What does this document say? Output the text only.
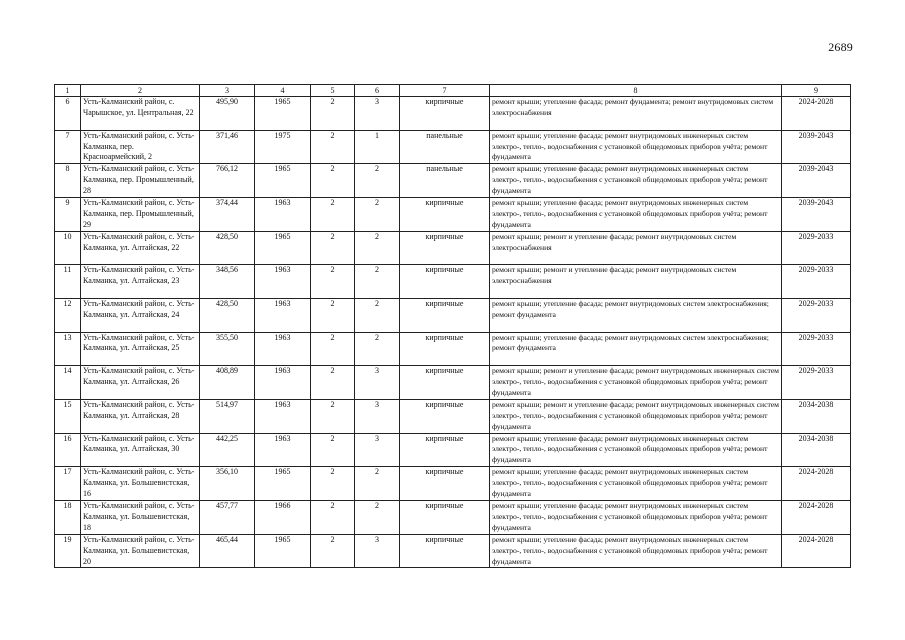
2689
1	2	3	4	5	6	7	8	9
6	Усть-Калманский район, с. Чарышское, ул. Центральная, 22	495,90	1965	2	3	кирпичные	ремонт крыши; утепление фасада; ремонт фундамента; ремонт внутридомовых систем электроснабжения	2024-2028
7	Усть-Калманский район, с. Усть-Калманка, пер. Красноармейский, 2	371,46	1975	2	1	панельные	ремонт крыши; утепление фасада; ремонт внутридомовых инженерных систем электро-, тепло-, водоснабжения с установкой общедомовых приборов учёта; ремонт фундамента	2039-2043
8	Усть-Калманский район, с. Усть-Калманка, пер. Промышленный, 28	766,12	1965	2	2	панельные	ремонт крыши; утепление фасада; ремонт внутридомовых инженерных систем электро-, тепло-, водоснабжения с установкой общедомовых приборов учёта; ремонт фундамента	2039-2043
9	Усть-Калманский район, с. Усть-Калманка, пер. Промышленный, 29	374,44	1963	2	2	кирпичные	ремонт крыши; утепление фасада; ремонт внутридомовых инженерных систем электро-, тепло-, водоснабжения с установкой общедомовых приборов учёта; ремонт фундамента	2039-2043
10	Усть-Калманский район, с. Усть-Калманка, ул. Алтайская, 22	428,50	1965	2	2	кирпичные	ремонт крыши; ремонт и утепление фасада; ремонт внутридомовых систем электроснабжения	2029-2033
11	Усть-Калманский район, с. Усть-Калманка, ул. Алтайская, 23	348,56	1963	2	2	кирпичные	ремонт крыши; ремонт и утепление фасада; ремонт внутридомовых систем электроснабжения	2029-2033
12	Усть-Калманский район, с. Усть-Калманка, ул. Алтайская, 24	428,50	1963	2	2	кирпичные	ремонт крыши; утепление фасада; ремонт внутридомовых систем электроснабжения; ремонт фундамента	2029-2033
13	Усть-Калманский район, с. Усть-Калманка, ул. Алтайская, 25	355,50	1963	2	2	кирпичные	ремонт крыши; утепление фасада; ремонт внутридомовых систем электроснабжения; ремонт фундамента	2029-2033
14	Усть-Калманский район, с. Усть-Калманка, ул. Алтайская, 26	408,89	1963	2	3	кирпичные	ремонт крыши; ремонт и утепление фасада; ремонт внутридомовых инженерных систем электро-, тепло-, водоснабжения с установкой общедомовых приборов учёта; ремонт фундамента	2029-2033
15	Усть-Калманский район, с. Усть-Калманка, ул. Алтайская, 28	514,97	1963	2	3	кирпичные	ремонт крыши; ремонт и утепление фасада; ремонт внутридомовых инженерных систем электро-, тепло-, водоснабжения с установкой общедомовых приборов учёта; ремонт фундамента	2034-2038
16	Усть-Калманский район, с. Усть-Калманка, ул. Алтайская, 30	442,25	1963	2	3	кирпичные	ремонт крыши; утепление фасада; ремонт внутридомовых инженерных систем электро-, тепло-, водоснабжения с установкой общедомовых приборов учёта; ремонт фундамента	2034-2038
17	Усть-Калманский район, с. Усть-Калманка, ул. Большевистская, 16	356,10	1965	2	2	кирпичные	ремонт крыши; утепление фасада; ремонт внутридомовых инженерных систем электро-, тепло-, водоснабжения с установкой общедомовых приборов учёта; ремонт фундамента	2024-2028
18	Усть-Калманский район, с. Усть-Калманка, ул. Большевистская, 18	457,77	1966	2	2	кирпичные	ремонт крыши; утепление фасада; ремонт внутридомовых инженерных систем электро-, тепло-, водоснабжения с установкой общедомовых приборов учёта; ремонт фундамента	2024-2028
19	Усть-Калманский район, с. Усть-Калманка, ул. Большевистская, 20	465,44	1965	2	3	кирпичные	ремонт крыши; утепление фасада; ремонт внутридомовых инженерных систем электро-, тепло-, водоснабжения с установкой общедомовых приборов учёта; ремонт фундамента	2024-2028
